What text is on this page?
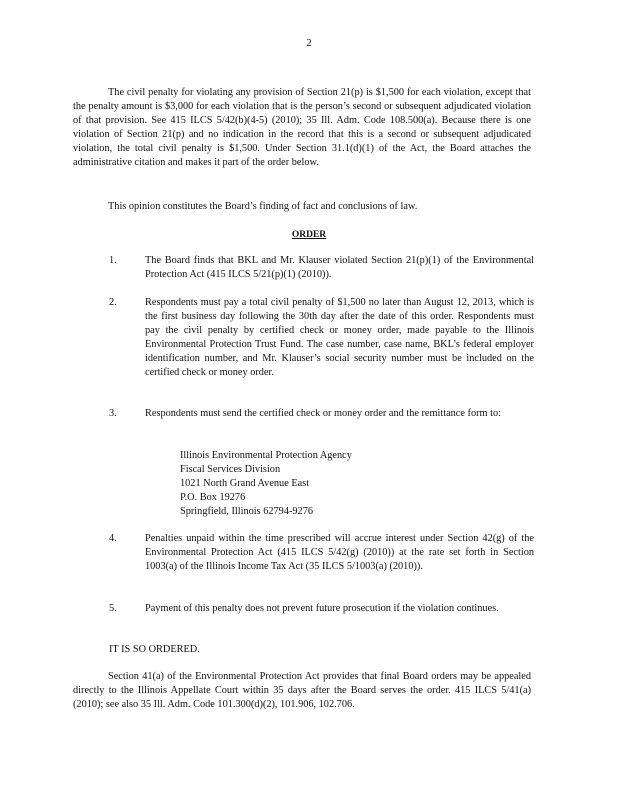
2

The civil penalty for violating any provision of Section 21(p) is $1,500 for each violation, except that the penalty amount is $3,000 for each violation that is the person’s second or subsequent adjudicated violation of that provision. See 415 ILCS 5/42(b)(4-5) (2010); 35 Ill. Adm. Code 108.500(a). Because there is one violation of Section 21(p) and no indication in the record that this is a second or subsequent adjudicated violation, the total civil penalty is $1,500. Under Section 31.1(d)(1) of the Act, the Board attaches the administrative citation and makes it part of the order below.

This opinion constitutes the Board’s finding of fact and conclusions of law.

ORDER
1.	The Board finds that BKL and Mr. Klauser violated Section 21(p)(1) of the Environmental Protection Act (415 ILCS 5/21(p)(1) (2010)).
2.	Respondents must pay a total civil penalty of $1,500 no later than August 12, 2013, which is the first business day following the 30th day after the date of this order. Respondents must pay the civil penalty by certified check or money order, made payable to the Illinois Environmental Protection Trust Fund. The case number, case name, BKL’s federal employer identification number, and Mr. Klauser’s social security number must be included on the certified check or money order.
3.	Respondents must send the certified check or money order and the remittance form to:
Illinois Environmental Protection Agency
Fiscal Services Division
1021 North Grand Avenue East
P.O. Box 19276
Springfield, Illinois 62794-9276
4.	Penalties unpaid within the time prescribed will accrue interest under Section 42(g) of the Environmental Protection Act (415 ILCS 5/42(g) (2010)) at the rate set forth in Section 1003(a) of the Illinois Income Tax Act (35 ILCS 5/1003(a) (2010)).
5.	Payment of this penalty does not prevent future prosecution if the violation continues.
IT IS SO ORDERED.

Section 41(a) of the Environmental Protection Act provides that final Board orders may be appealed directly to the Illinois Appellate Court within 35 days after the Board serves the order. 415 ILCS 5/41(a) (2010); see also 35 Ill. Adm. Code 101.300(d)(2), 101.906, 102.706.
